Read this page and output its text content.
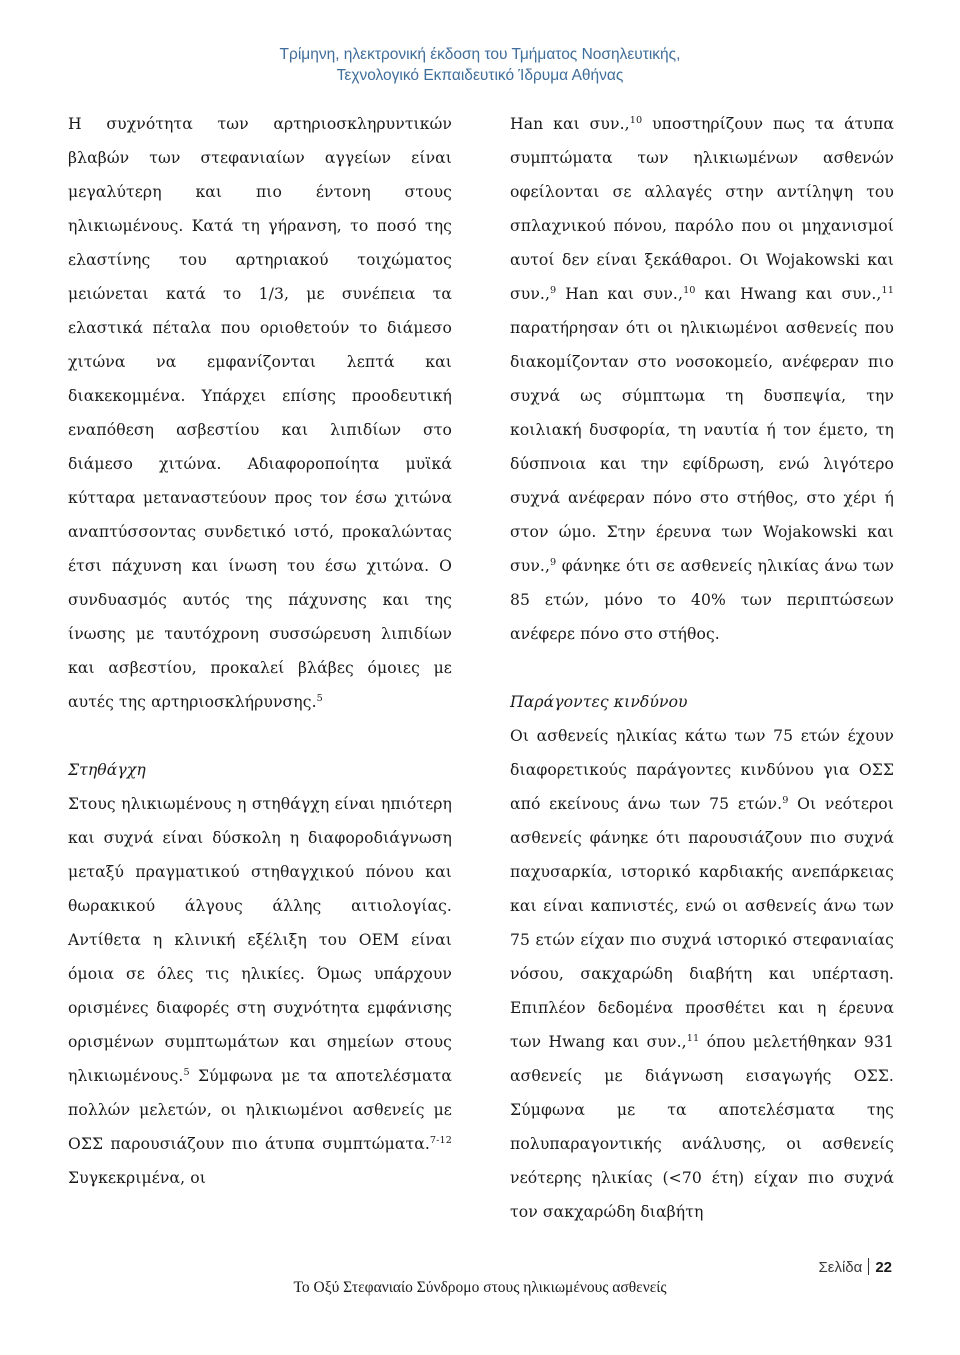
Τρίμηνη, ηλεκτρονική έκδοση του Τμήματος Νοσηλευτικής,
Τεχνολογικό Εκπαιδευτικό Ίδρυμα Αθήνας

Η συχνότητα των αρτηριοσκληρυντικών βλαβών των στεφανιαίων αγγείων είναι μεγαλύτερη και πιο έντονη στους ηλικιωμένους. Κατά τη γήρανση, το ποσό της ελαστίνης του αρτηριακού τοιχώματος μειώνεται κατά το 1/3, με συνέπεια τα ελαστικά πέταλα που οριοθετούν το διάμεσο χιτώνα να εμφανίζονται λεπτά και διακεκομμένα. Υπάρχει επίσης προοδευτική εναπόθεση ασβεστίου και λιπιδίων στο διάμεσο χιτώνα. Αδιαφοροποίητα μυϊκά κύτταρα μεταναστεύουν προς τον έσω χιτώνα αναπτύσσοντας συνδετικό ιστό, προκαλώντας έτσι πάχυνση και ίνωση του έσω χιτώνα. Ο συνδυασμός αυτός της πάχυνσης και της ίνωσης με ταυτόχρονη συσσώρευση λιπιδίων και ασβεστίου, προκαλεί βλάβες όμοιες με αυτές της αρτηριοσκλήρυνσης.$^5$

Στηθάγχη

Στους ηλικιωμένους η στηθάγχη είναι ηπιότερη και συχνά είναι δύσκολη η διαφοροδιάγνωση μεταξύ πραγματικού στηθαγχικού πόνου και θωρακικού άλγους άλλης αιτιολογίας. Αντίθετα η κλινική εξέλιξη του ΟΕΜ είναι όμοια σε όλες τις ηλικίες. Όμως υπάρχουν ορισμένες διαφορές στη συχνότητα εμφάνισης ορισμένων συμπτωμάτων και σημείων στους ηλικιωμένους.$^5$ Σύμφωνα με τα αποτελέσματα πολλών μελετών, οι ηλικιωμένοι ασθενείς με ΟΣΣ παρουσιάζουν πιο άτυπα συμπτώματα.$^{7-12}$ Συγκεκριμένα, οι

Han και συν.,$^{10}$ υποστηρίζουν πως τα άτυπα συμπτώματα των ηλικιωμένων ασθενών οφείλονται σε αλλαγές στην αντίληψη του σπλαχνικού πόνου, παρόλο που οι μηχανισμοί αυτοί δεν είναι ξεκάθαροι. Οι Wojakowski και συν.,$^9$ Han και συν.,$^{10}$ και Hwang και συν.,$^{11}$ παρατήρησαν ότι οι ηλικιωμένοι ασθενείς που διακομίζονταν στο νοσοκομείο, ανέφεραν πιο συχνά ως σύμπτωμα τη δυσπεψία, την κοιλιακή δυσφορία, τη ναυτία ή τον έμετο, τη δύσπνοια και την εφίδρωση, ενώ λιγότερο συχνά ανέφεραν πόνο στο στήθος, στο χέρι ή στον ώμο. Στην έρευνα των Wojakowski και συν.,$^9$ φάνηκε ότι σε ασθενείς ηλικίας άνω των 85 ετών, μόνο το 40% των περιπτώσεων ανέφερε πόνο στο στήθος.

Παράγοντες κινδύνου

Οι ασθενείς ηλικίας κάτω των 75 ετών έχουν διαφορετικούς παράγοντες κινδύνου για ΟΣΣ από εκείνους άνω των 75 ετών.$^9$ Οι νεότεροι ασθενείς φάνηκε ότι παρουσιάζουν πιο συχνά παχυσαρκία, ιστορικό καρδιακής ανεπάρκειας και είναι καπνιστές, ενώ οι ασθενείς άνω των 75 ετών είχαν πιο συχνά ιστορικό στεφανιαίας νόσου, σακχαρώδη διαβήτη και υπέρταση. Επιπλέον δεδομένα προσθέτει και η έρευνα των Hwang και συν.,$^{11}$ όπου μελετήθηκαν 931 ασθενείς με διάγνωση εισαγωγής ΟΣΣ. Σύμφωνα με τα αποτελέσματα της πολυπαραγοντικής ανάλυσης, οι ασθενείς νεότερης ηλικίας (<70 έτη) είχαν πιο συχνά τον σακχαρώδη διαβήτη

Σελίδα 22
Το Οξύ Στεφανιαίο Σύνδρομο στους ηλικιωμένους ασθενείς
